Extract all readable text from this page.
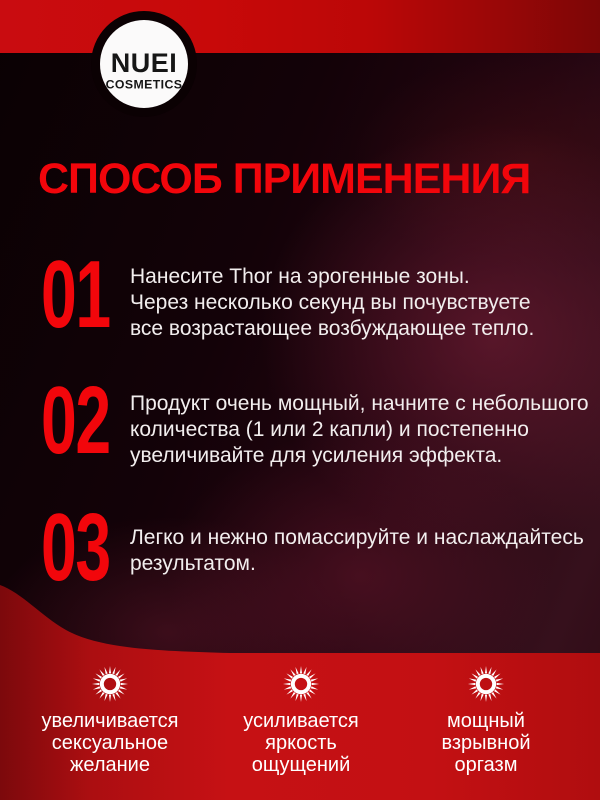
NUEI
COSMETICS
СПОСОБ ПРИМЕНЕНИЯ
01 Нанесите Thor на эрогенные зоны.
Через несколько секунд вы почувствуете
все возрастающее возбуждающее тепло.
02 Продукт очень мощный, начните с небольшого
количества (1 или 2 капли) и постепенно
увеличивайте для усиления эффекта.
03 Легко и нежно помассируйте и наслаждайтесь
результатом.
увеличивается
сексуальное
желание
усиливается
яркость
ощущений
мощный
взрывной
оргазм
